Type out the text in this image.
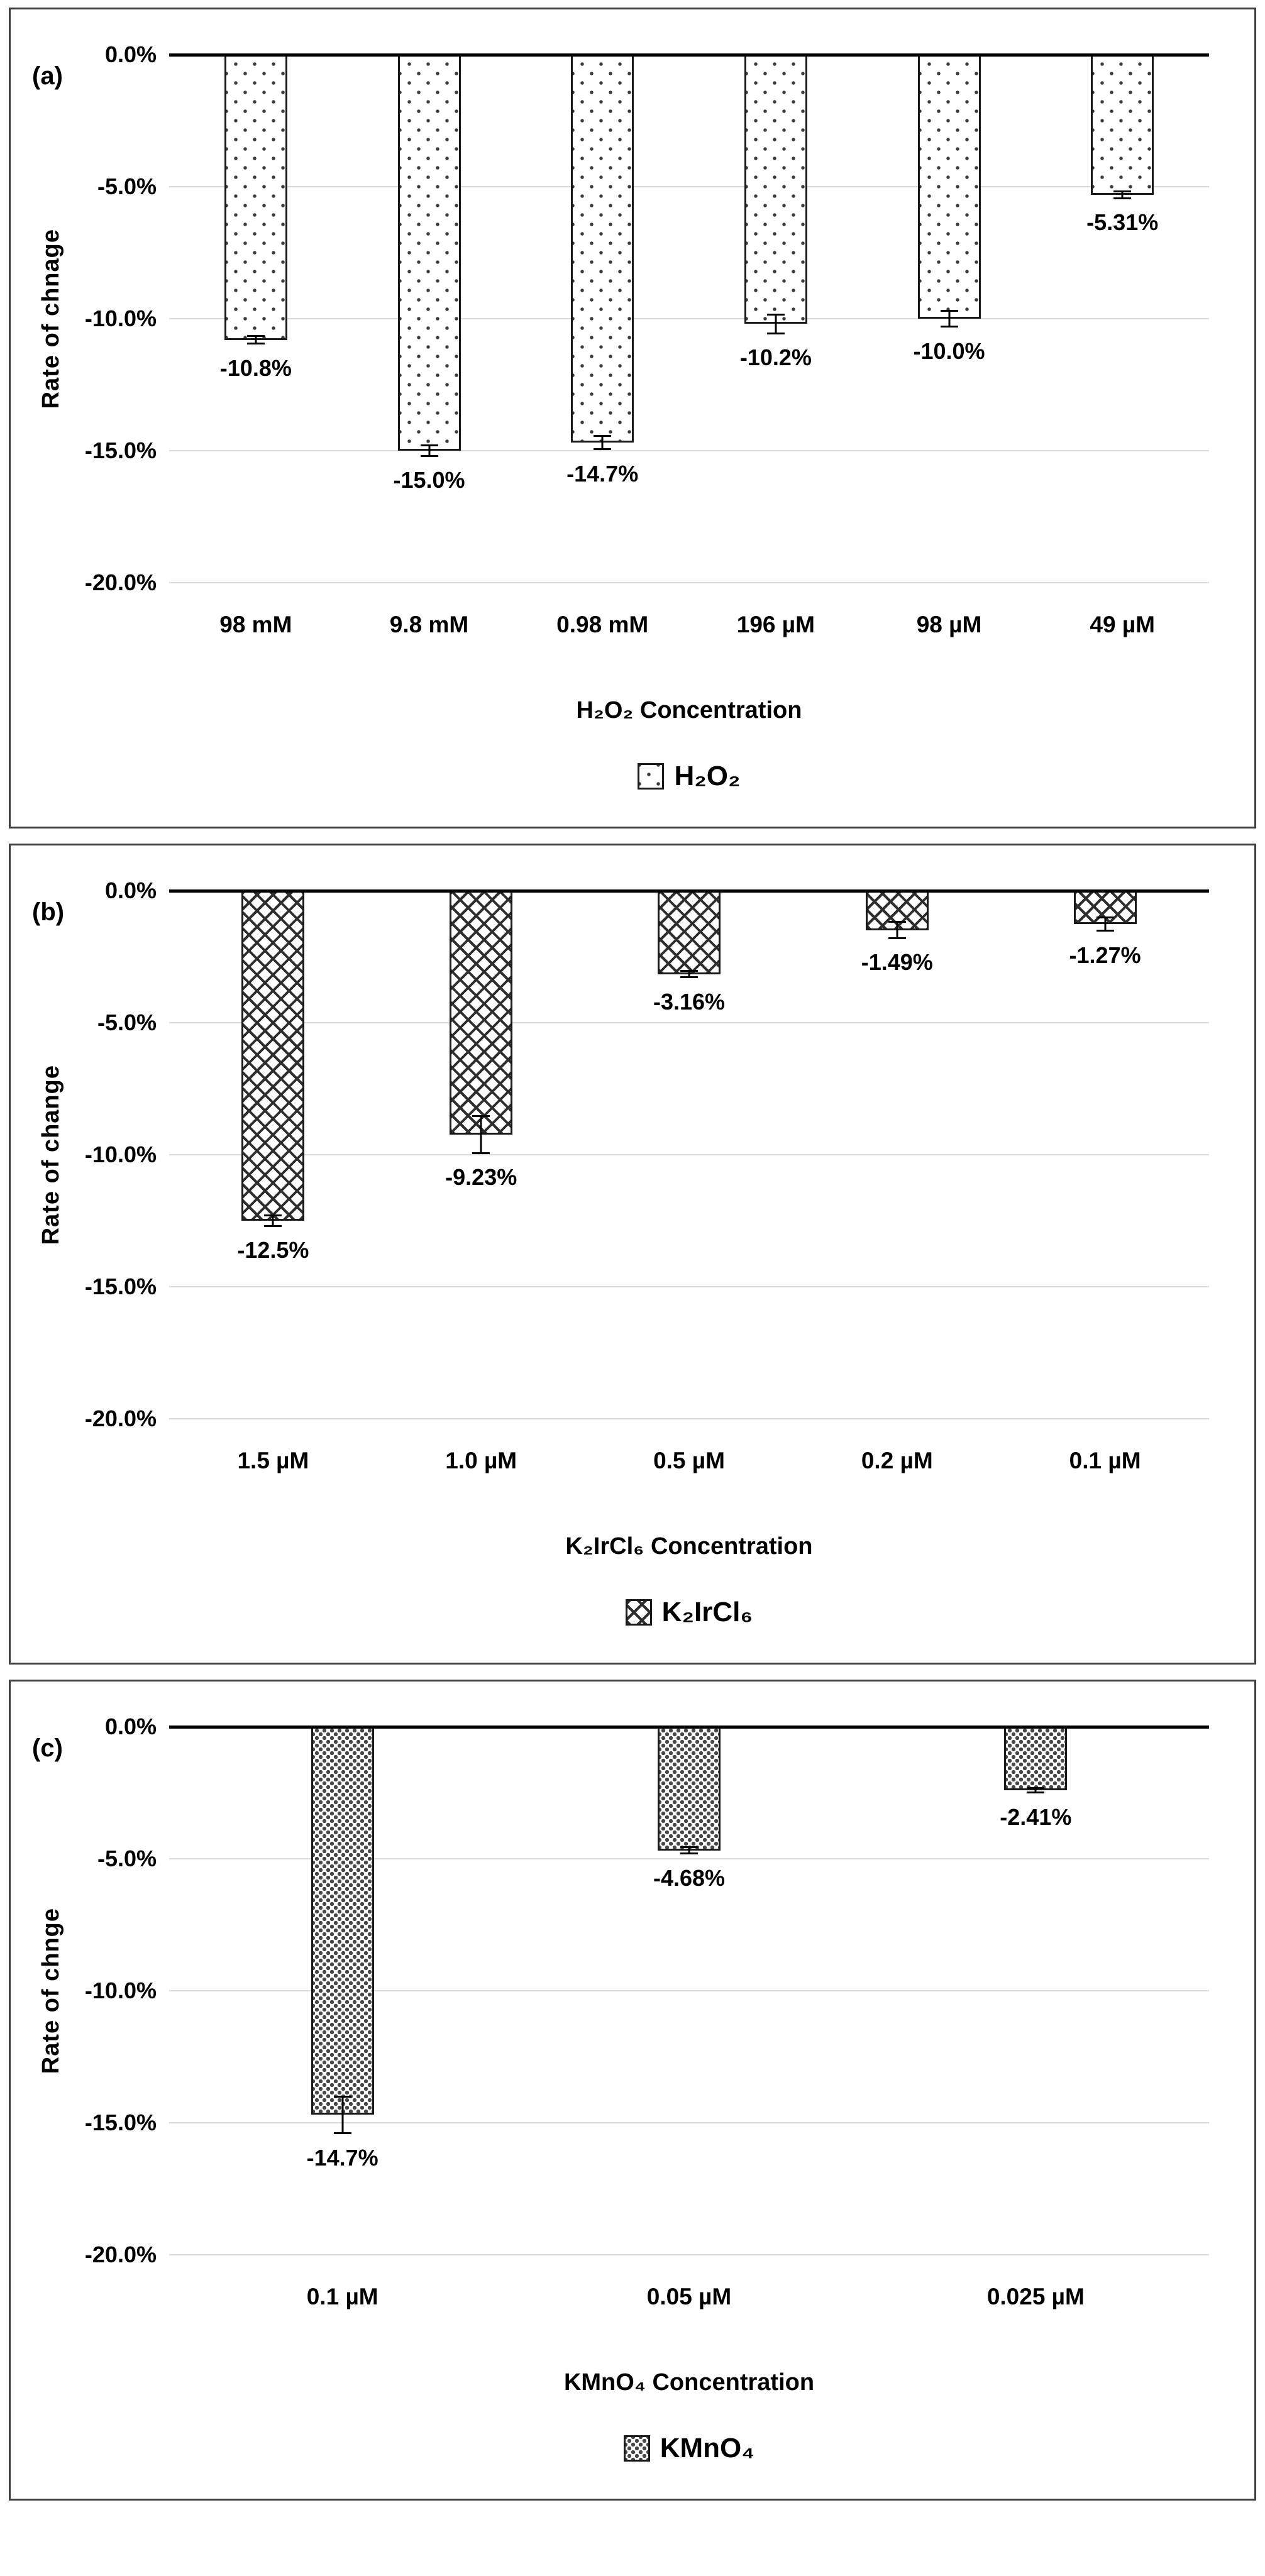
(a)
Rate of chnage
0.0%
-5.0%
-10.0%
-15.0%
-20.0%
-10.8%
-15.0%	-14.7%
-10.2%	-10.0%
-5.31%
98 mM	9.8 mM	0.98 mM	196 µM	98 µM	49 µM
H₂O₂ Concentration
H₂O₂
(b)
Rate of change
0.0%
-5.0%
-10.0%
-15.0%
-20.0%
-12.5%
-9.23%
-3.16%
-1.49%	-1.27%
1.5 µM	1.0 µM	0.5 µM	0.2 µM	0.1 µM
K₂IrCl₆ Concentration
K₂IrCl₆
(c)
Rate of chnge
0.0%
-5.0%
-10.0%
-15.0%
-20.0%
-14.7%
-4.68%
-2.41%
0.1 µM	0.05 µM	0.025 µM
KMnO₄ Concentration
KMnO₄
